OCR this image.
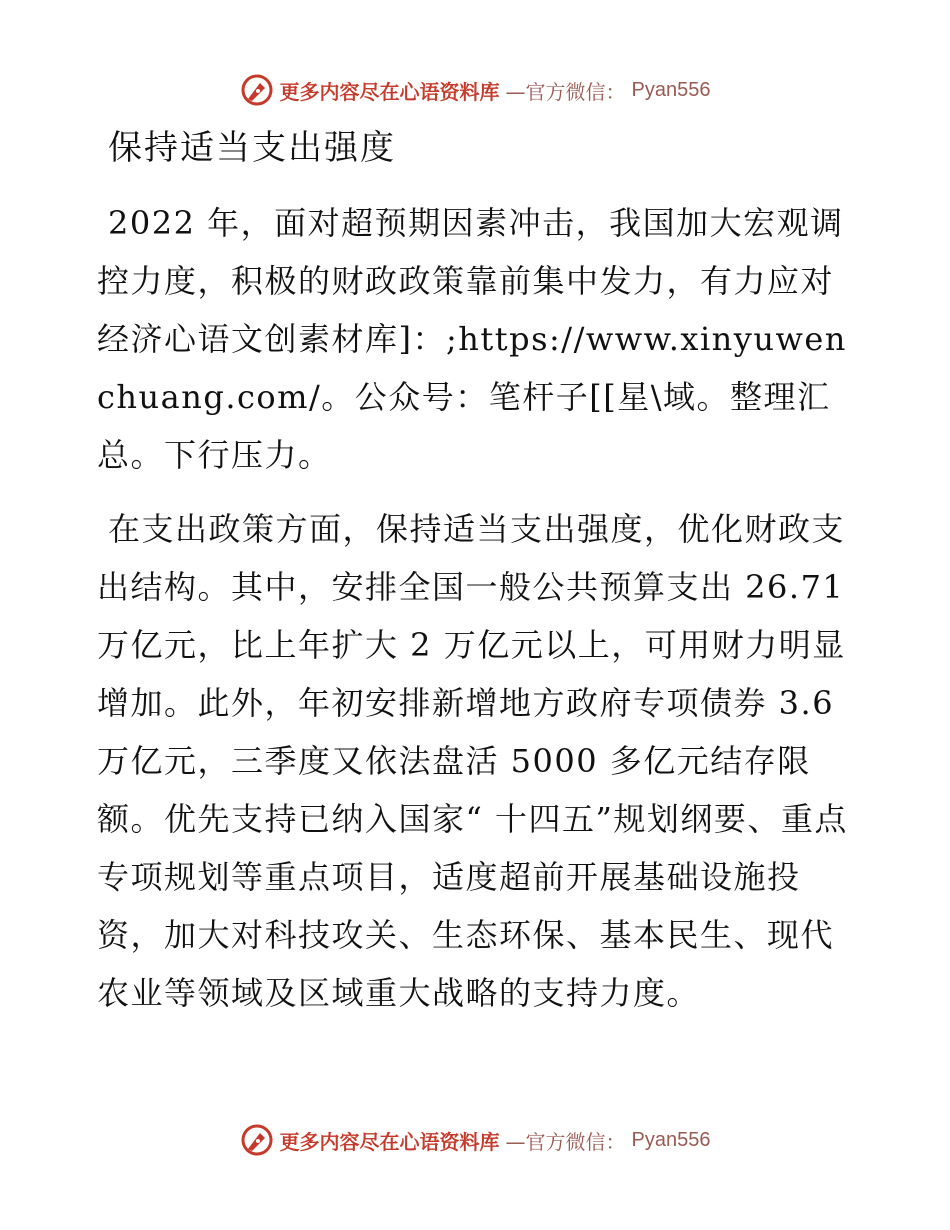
更多内容尽在心语资料库 —官方微信： Pyan556
保持适当支出强度

2022 年，面对超预期因素冲击，我国加大宏观调控力度，积极的财政政策靠前集中发力，有力应对经济心语文创素材库]：;https://www.xinyuwenchuang.com/。公众号：笔杆子[[星\域。整理汇总。下行压力。

在支出政策方面，保持适当支出强度，优化财政支出结构。其中，安排全国一般公共预算支出 26.71 万亿元，比上年扩大 2 万亿元以上，可用财力明显增加。此外，年初安排新增地方政府专项债券 3.6 万亿元，三季度又依法盘活 5000 多亿元结存限额。优先支持已纳入国家“ 十四五”规划纲要、重点专项规划等重点项目，适度超前开展基础设施投资，加大对科技攻关、生态环保、基本民生、现代农业等领域及区域重大战略的支持力度。

更多内容尽在心语资料库 —官方微信： Pyan556
